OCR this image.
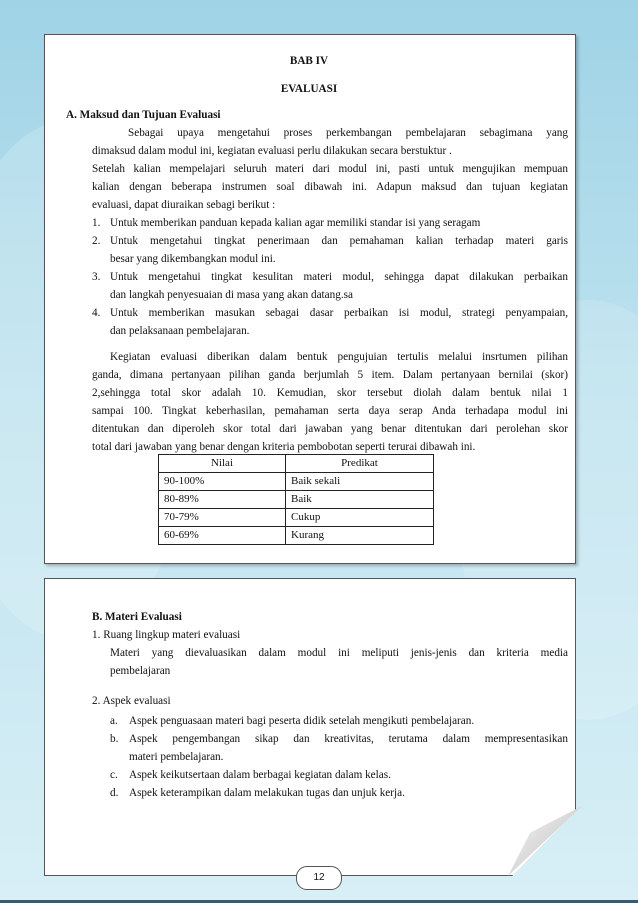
BAB IV
EVALUASI
A. Maksud dan Tujuan Evaluasi
Sebagai upaya mengetahui proses perkembangan pembelajaran sebagimana yang
dimaksud dalam modul ini, kegiatan evaluasi perlu dilakukan secara berstuktur .
Setelah kalian mempelajari seluruh materi dari modul ini, pasti untuk mengujikan mempuan
kalian dengan beberapa instrumen soal dibawah ini. Adapun maksud dan tujuan kegiatan
evaluasi, dapat diuraikan sebagi berikut :
1. Untuk memberikan panduan kepada kalian agar memiliki standar isi yang seragam
2. Untuk mengetahui tingkat penerimaan dan pemahaman kalian terhadap materi garis
besar yang dikembangkan modul ini.
3. Untuk mengetahui tingkat kesulitan materi modul, sehingga dapat dilakukan perbaikan
dan langkah penyesuaian di masa yang akan datang.sa
4. Untuk memberikan masukan sebagai dasar perbaikan isi modul, strategi penyampaian,
dan pelaksanaan pembelajaran.
Kegiatan evaluasi diberikan dalam bentuk pengujuian tertulis melalui insrtumen pilihan
ganda, dimana pertanyaan pilihan ganda berjumlah 5 item. Dalam pertanyaan bernilai (skor)
2,sehingga total skor adalah 10. Kemudian, skor tersebut diolah dalam bentuk nilai 1
sampai 100. Tingkat keberhasilan, pemahaman serta daya serap Anda terhadapa modul ini
ditentukan dan diperoleh skor total dari jawaban yang benar ditentukan dari perolehan skor
total dari jawaban yang benar dengan kriteria pembobotan seperti terurai dibawah ini.
Nilai	Predikat
90-100%	Baik sekali
80-89%	Baik
70-79%	Cukup
60-69%	Kurang
B. Materi Evaluasi
1. Ruang lingkup materi evaluasi
Materi yang dievaluasikan dalam modul ini meliputi jenis-jenis dan kriteria media
pembelajaran
2. Aspek evaluasi
a. Aspek penguasaan materi bagi peserta didik setelah mengikuti pembelajaran.
b. Aspek pengembangan sikap dan kreativitas, terutama dalam mempresentasikan
materi pembelajaran.
c. Aspek keikutsertaan dalam berbagai kegiatan dalam kelas.
d. Aspek keterampikan dalam melakukan tugas dan unjuk kerja.
12
